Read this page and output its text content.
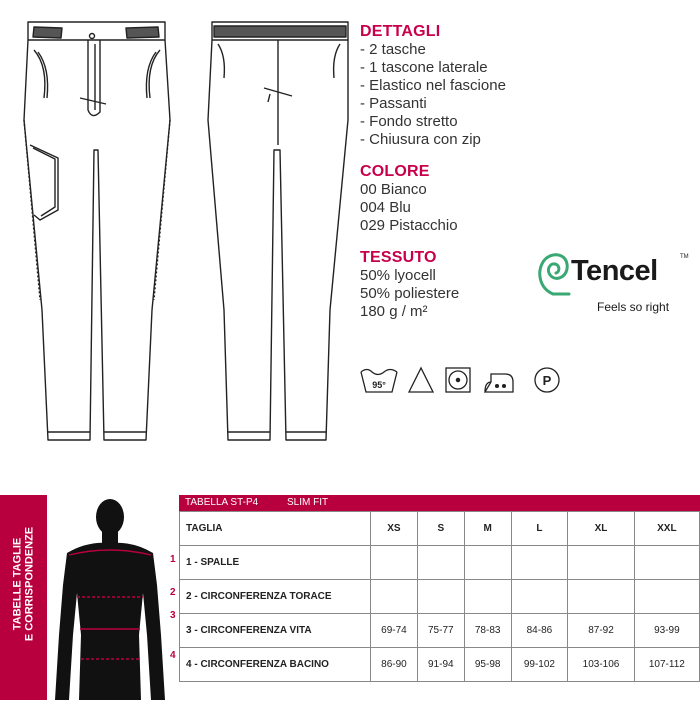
DETTAGLI

- 2 tasche

- 1 tascone laterale

- Elastico nel fascione

- Passanti

- Fondo stretto

- Chiusura con zip

COLORE

00 Bianco

004 Blu

029 Pistacchio

TESSUTO

50% lyocell

50% poliestere

180 g / m²

Tencel	TM
Feels so right
95°	P
TABELLE TAGLIE E CORRISPONDENZE	1
2
3
4
TABELLA ST-P4	SLIM FIT
TAGLIA	XS	S	M	L	XL	XXL
1 - SPALLE						
2 - CIRCONFERENZA TORACE						
3 - CIRCONFERENZA VITA	69-74	75-77	78-83	84-86	87-92	93-99
4 - CIRCONFERENZA BACINO	86-90	91-94	95-98	99-102	103-106	107-112
